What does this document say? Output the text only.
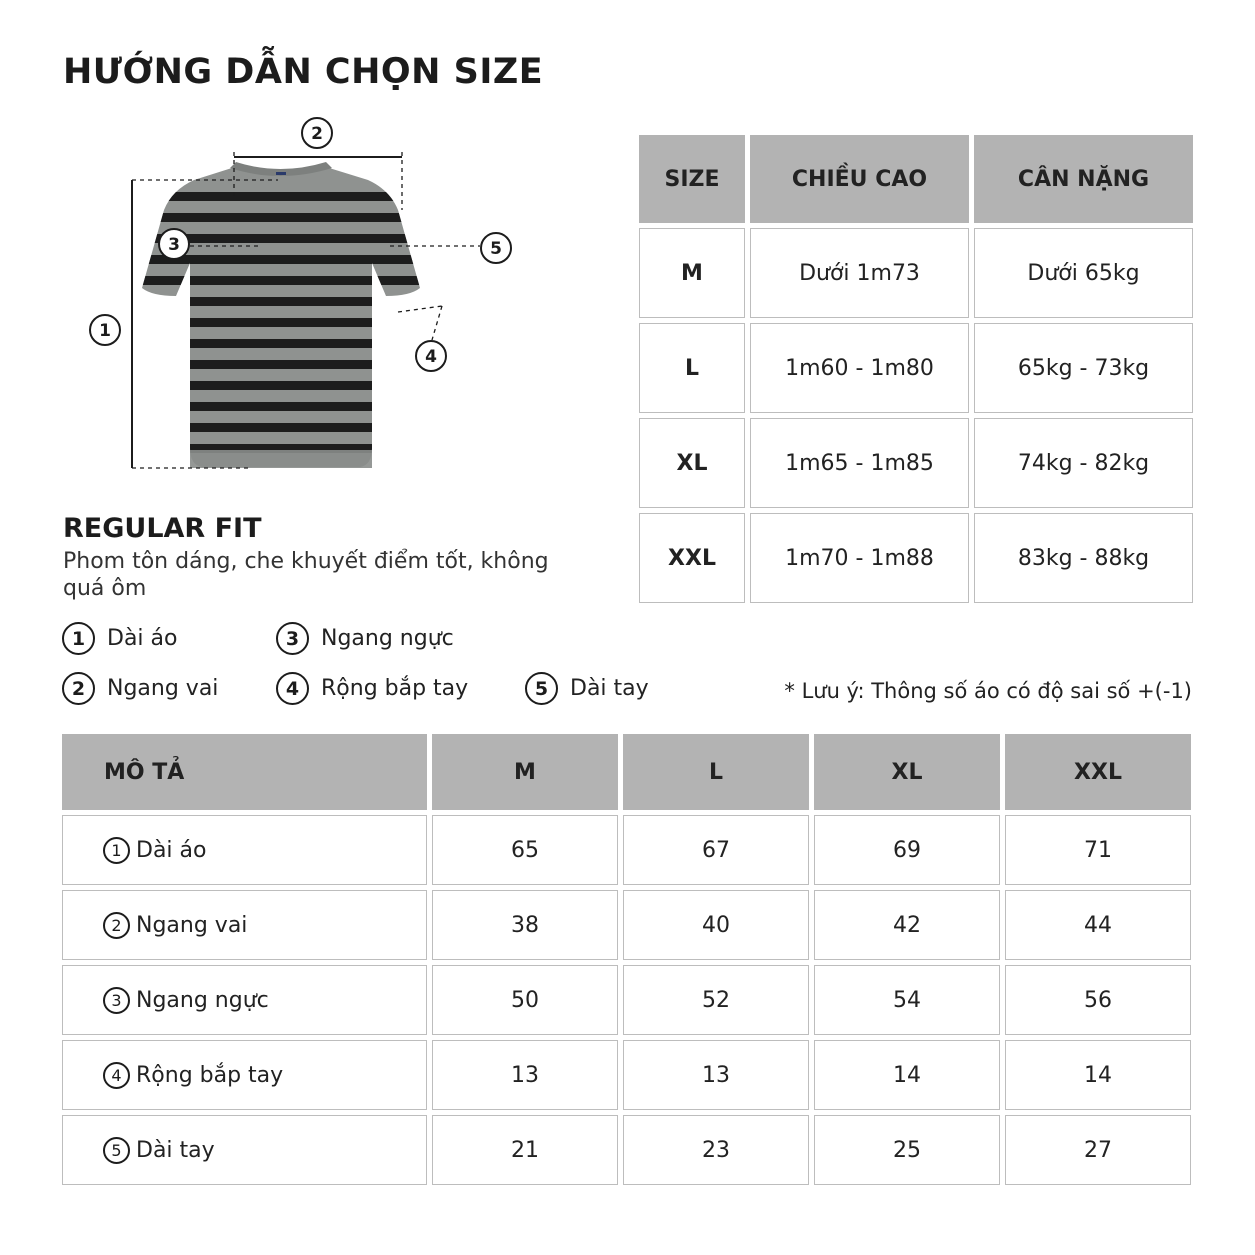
HƯỚNG DẪN CHỌN SIZE
1
2
3
4
5
REGULAR FIT
Phom tôn dáng, che khuyết điểm tốt, không quá ôm
1 Dài áo	3 Ngang ngực
2 Ngang vai	4 Rộng bắp tay	5 Dài tay	* Lưu ý: Thông số áo có độ sai số +(-1)
SIZE	CHIỀU CAO	CÂN NẶNG
M	Dưới 1m73	Dưới 65kg
L	1m60 - 1m80	65kg - 73kg
XL	1m65 - 1m85	74kg - 82kg
XXL	1m70 - 1m88	83kg - 88kg
MÔ TẢ	M	L	XL	XXL

1 Dài áo	65	67	69	71

2 Ngang vai	38	40	42	44

3 Ngang ngực	50	52	54	56

4 Rộng bắp tay	13	13	14	14

5 Dài tay	21	23	25	27
